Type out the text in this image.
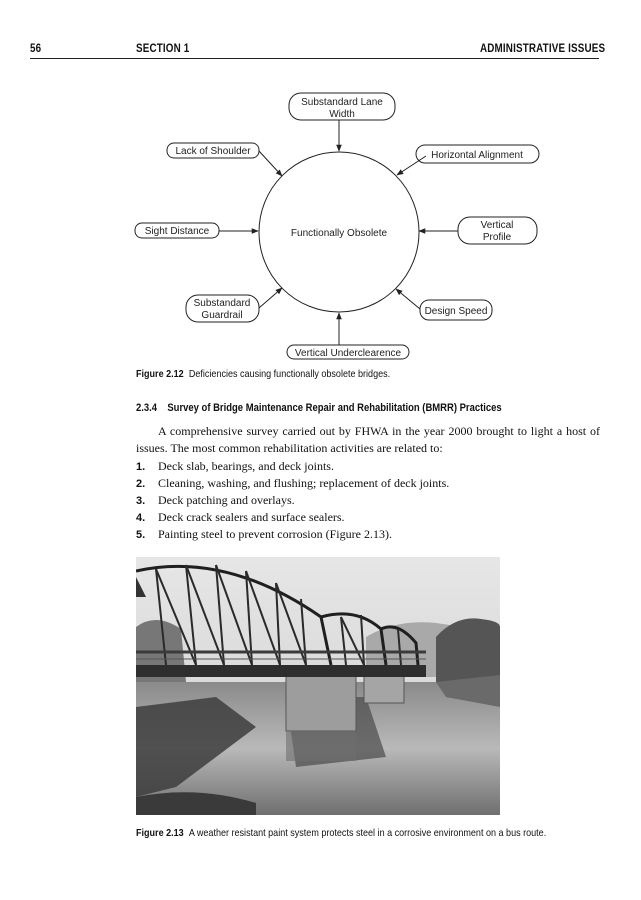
56	SECTION 1	ADMINISTRATIVE ISSUES
Functionally Obsolete
Substandard Lane
Width
Lack of Shoulder	Horizontal Alignment
Sight Distance
Vertical
Profile
Substandard
Guardrail	Design Speed
Vertical Underclearence
Figure 2.12 Deficiencies causing functionally obsolete bridges.
2.3.4 Survey of Bridge Maintenance Repair and Rehabilitation (BMRR) Practices

A comprehensive survey carried out by FHWA in the year 2000 brought to light a host of issues. The most common rehabilitation activities are related to:

1. Deck slab, bearings, and deck joints.
2. Cleaning, washing, and flushing; replacement of deck joints.
3. Deck patching and overlays.
4. Deck crack sealers and surface sealers.
5. Painting steel to prevent corrosion (Figure 2.13).
Figure 2.13 A weather resistant paint system protects steel in a corrosive environment on a bus route.
